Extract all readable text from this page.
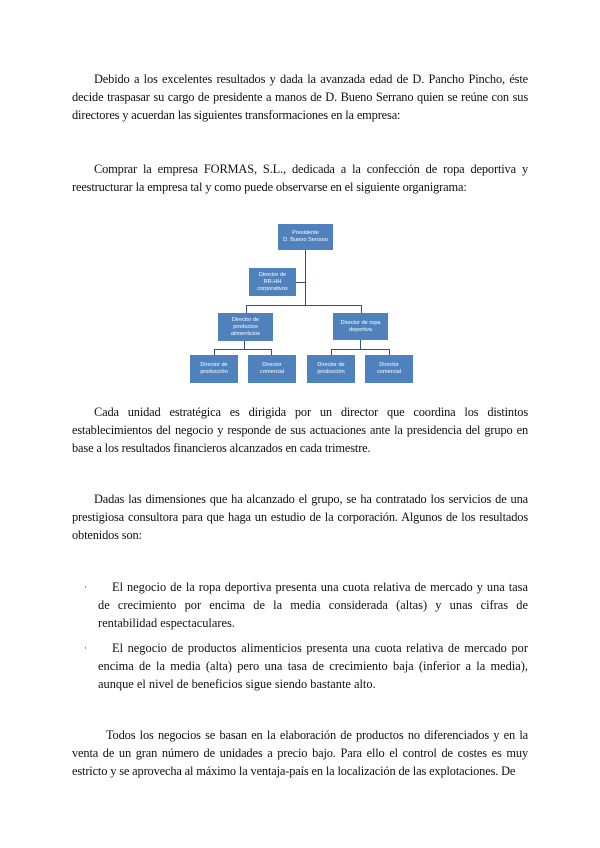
Debido a los excelentes resultados y dada la avanzada edad de D. Pancho Pincho, éste decide traspasar su cargo de presidente a manos de D. Bueno Serrano quien se reúne con sus directores y acuerdan las siguientes transformaciones en la empresa:

Comprar la empresa FORMAS, S.L., dedicada a la confección de ropa deportiva y reestructurar la empresa tal y como puede observarse en el siguiente organigrama:

Presidente
D. Bueno Serrano
Director de RR.HH
corporativos
Director de
productos
alimenticios
Director de ropa
deportiva
Director de
producción
Director comercial
Director de
producción
Director comercial

Cada unidad estratégica es dirigida por un director que coordina los distintos establecimientos del negocio y responde de sus actuaciones ante la presidencia del grupo en base a los resultados financieros alcanzados en cada trimestre.

Dadas las dimensiones que ha alcanzado el grupo, se ha contratado los servicios de una prestigiosa consultora para que haga un estudio de la corporación. Algunos de los resultados obtenidos son:

·	El negocio de la ropa deportiva presenta una cuota relativa de mercado y una tasa de crecimiento por encima de la media considerada (altas) y unas cifras de rentabilidad espectaculares.

·	El negocio de productos alimenticios presenta una cuota relativa de mercado por encima de la media (alta) pero una tasa de crecimiento baja (inferior a la media), aunque el nivel de beneficios sigue siendo bastante alto.

Todos los negocios se basan en la elaboración de productos no diferenciados y en la venta de un gran número de unidades a precio bajo. Para ello el control de costes es muy estricto y se aprovecha al máximo la ventaja-país en la localización de las explotaciones. De
